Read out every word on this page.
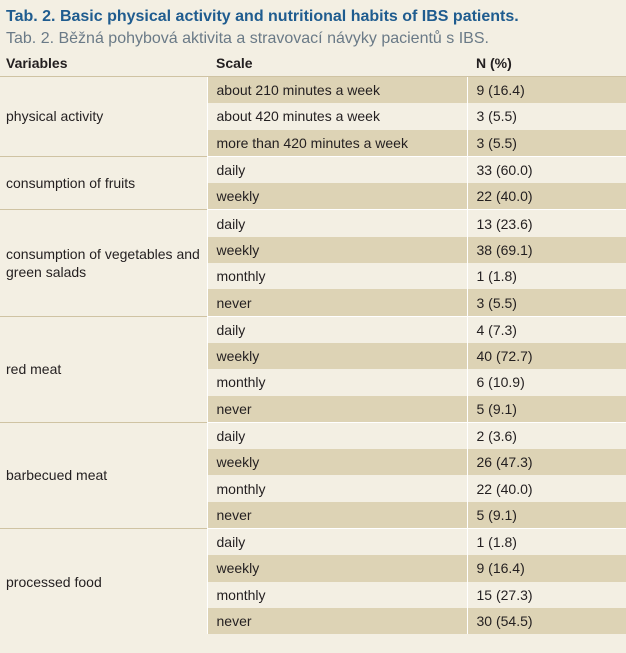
Tab. 2. Basic physical activity and nutritional habits of IBS patients.
Tab. 2. Běžná pohybová aktivita a stravovací návyky pacientů s IBS.
Variables	Scale	N (%)
physical activity	about 210 minutes a week	9 (16.4)
	about 420 minutes a week	3 (5.5)
	more than 420 minutes a week	3 (5.5)
consumption of fruits	daily	33 (60.0)
	weekly	22 (40.0)
consumption of vegetables and green salads	daily	13 (23.6)
	weekly	38 (69.1)
	monthly	1 (1.8)
	never	3 (5.5)
red meat	daily	4 (7.3)
	weekly	40 (72.7)
	monthly	6 (10.9)
	never	5 (9.1)
barbecued meat	daily	2 (3.6)
	weekly	26 (47.3)
	monthly	22 (40.0)
	never	5 (9.1)
processed food	daily	1 (1.8)
	weekly	9 (16.4)
	monthly	15 (27.3)
	never	30 (54.5)
